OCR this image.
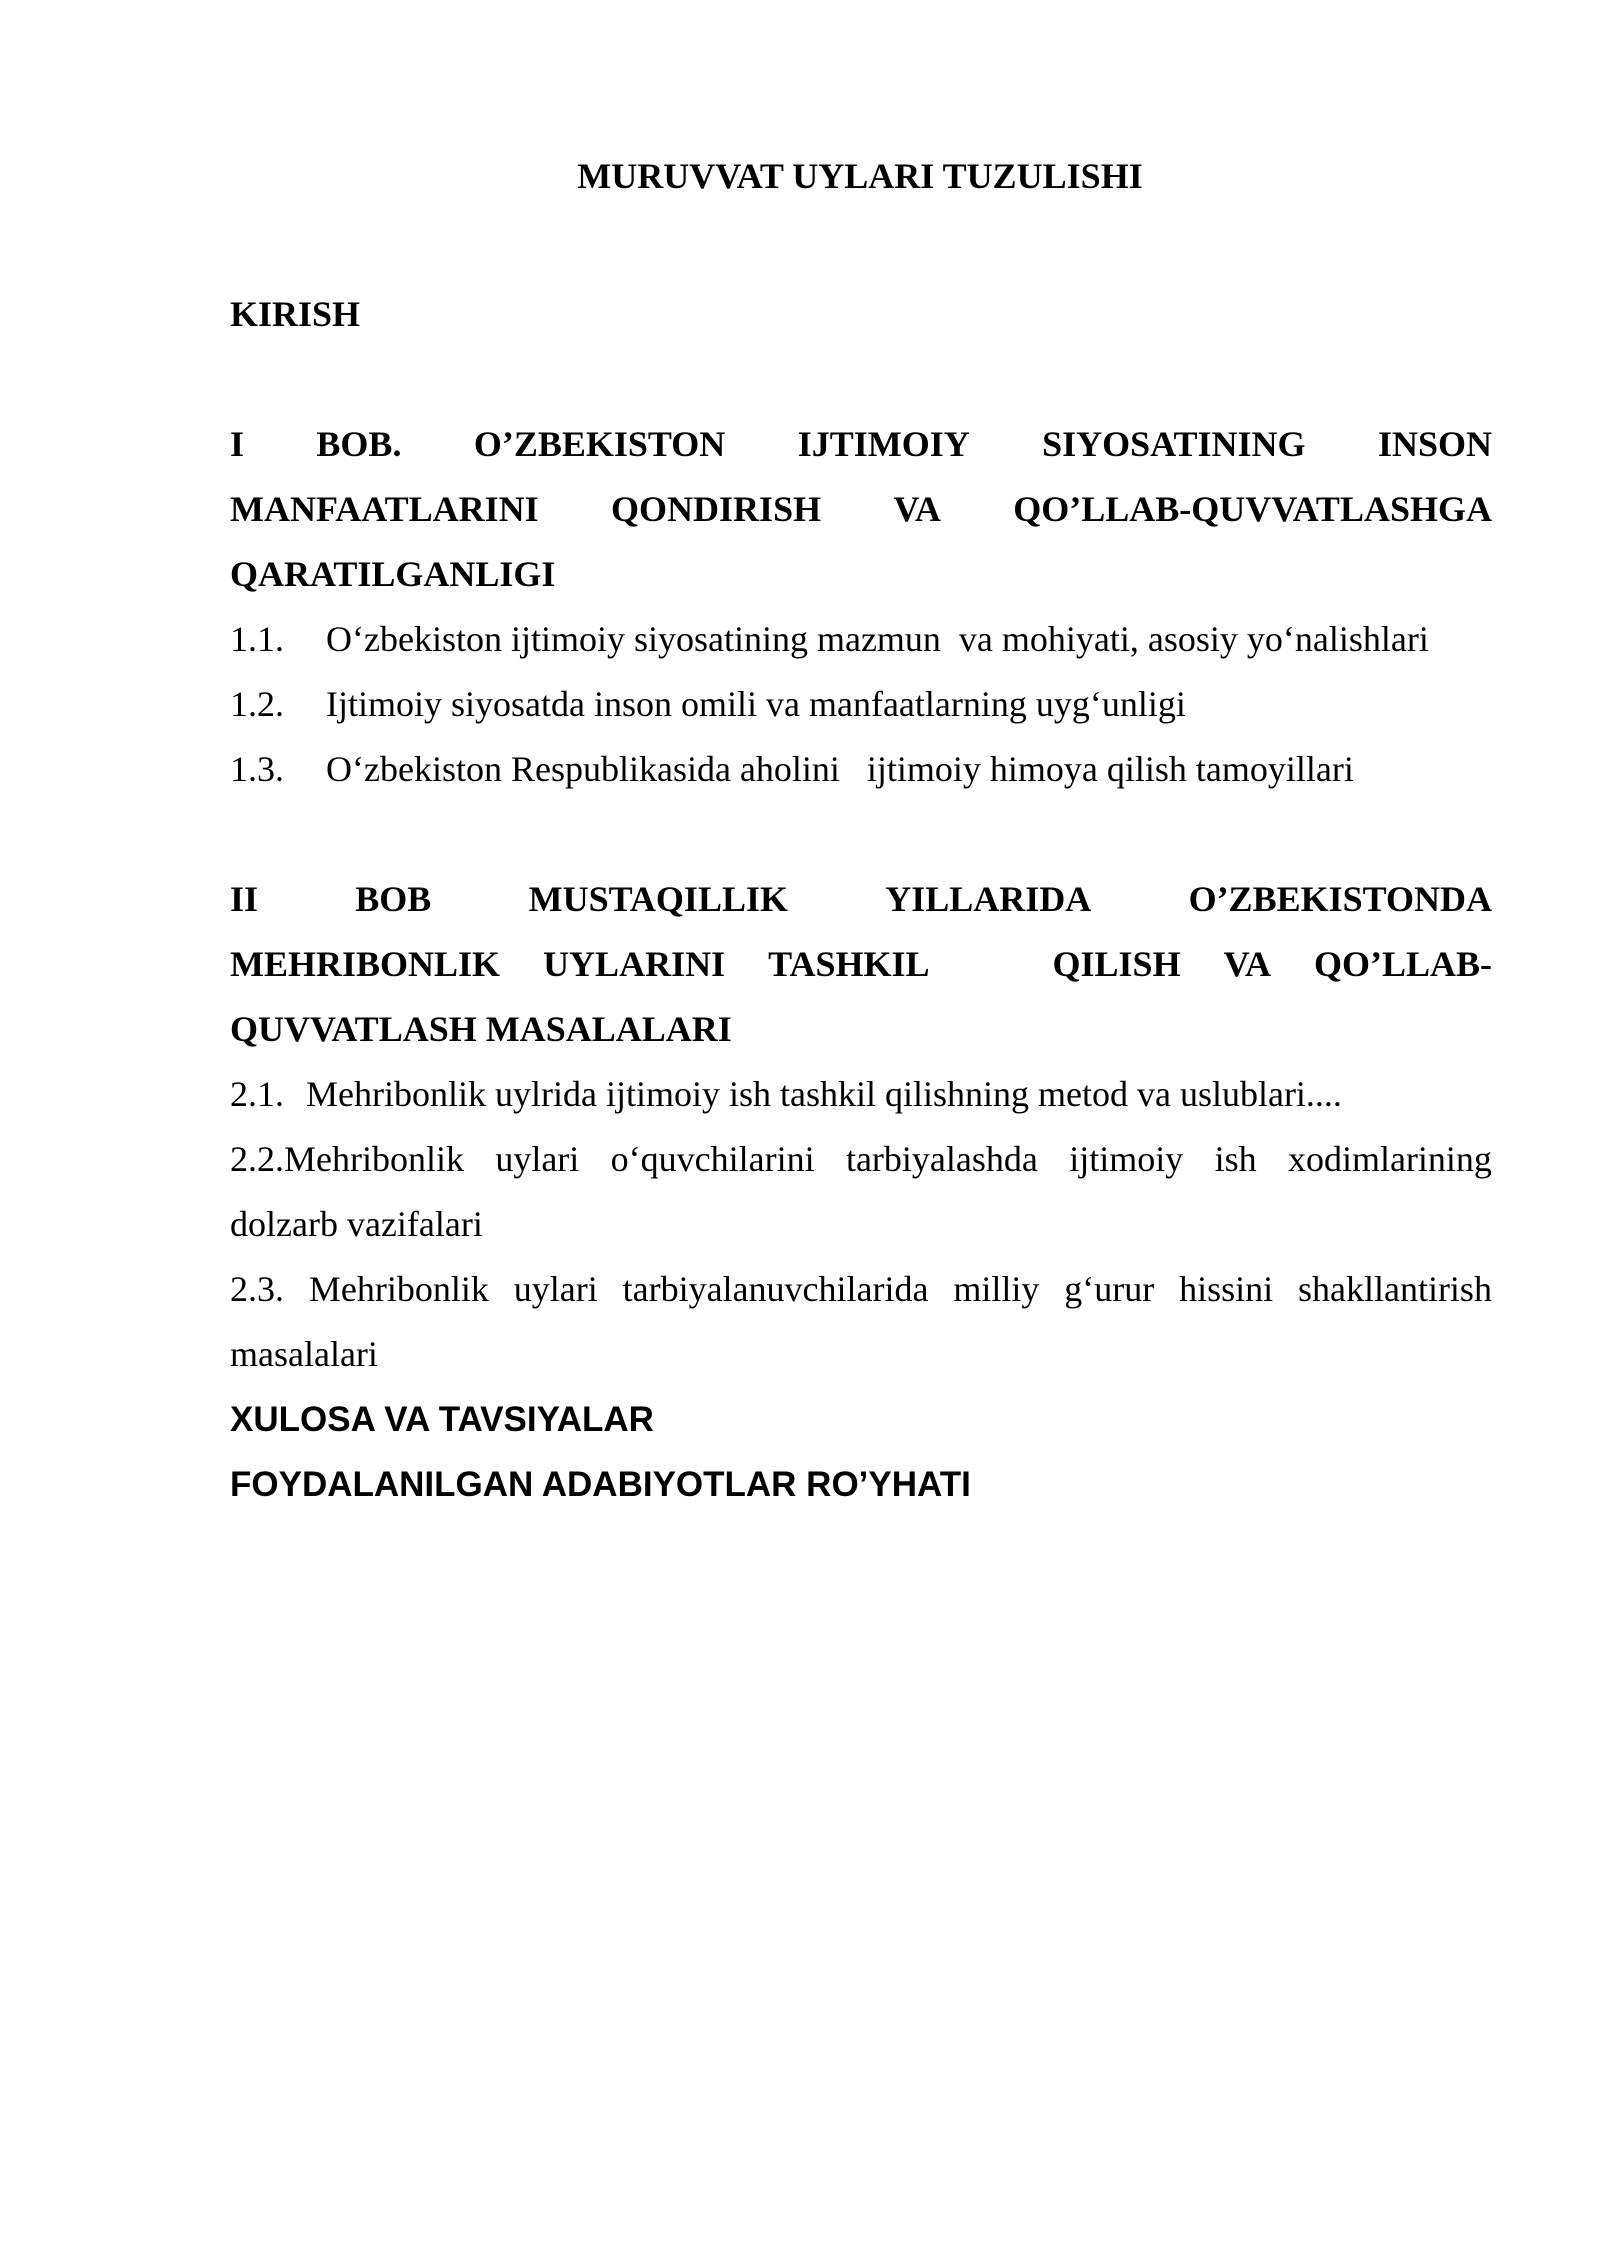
MURUVVAT UYLARI TUZULISHI
KIRISH
I BOB. O’ZBEKISTON IJTIMOIY SIYOSATINING INSON
MANFAATLARINI QONDIRISH VA QO’LLAB-QUVVATLASHGA
QARATILGANLIGI
1.1. O‘zbekiston ijtimoiy siyosatining mazmun  va mohiyati, asosiy yo‘nalishlari
1.2. Ijtimoiy siyosatda inson omili va manfaatlarning uyg‘unligi
1.3. O‘zbekiston Respublikasida aholini   ijtimoiy himoya qilish tamoyillari
II	BOB	MUSTAQILLIK	YILLARIDA	O’ZBEKISTONDA
MEHRIBONLIK UYLARINI TASHKIL	QILISH VA QO’LLAB-
QUVVATLASH MASALALARI
2.1. Mehribonlik uylrida ijtimoiy ish tashkil qilishning metod va uslublari....
2.2.Mehribonlik uylari o‘quvchilarini tarbiyalashda ijtimoiy ish xodimlarining
dolzarb vazifalari
2.3. Mehribonlik uylari tarbiyalanuvchilarida milliy g‘urur hissini shakllantirish
masalalari
XULOSA VA TAVSIYALAR
FOYDALANILGAN ADABIYOTLAR RO’YHATI
